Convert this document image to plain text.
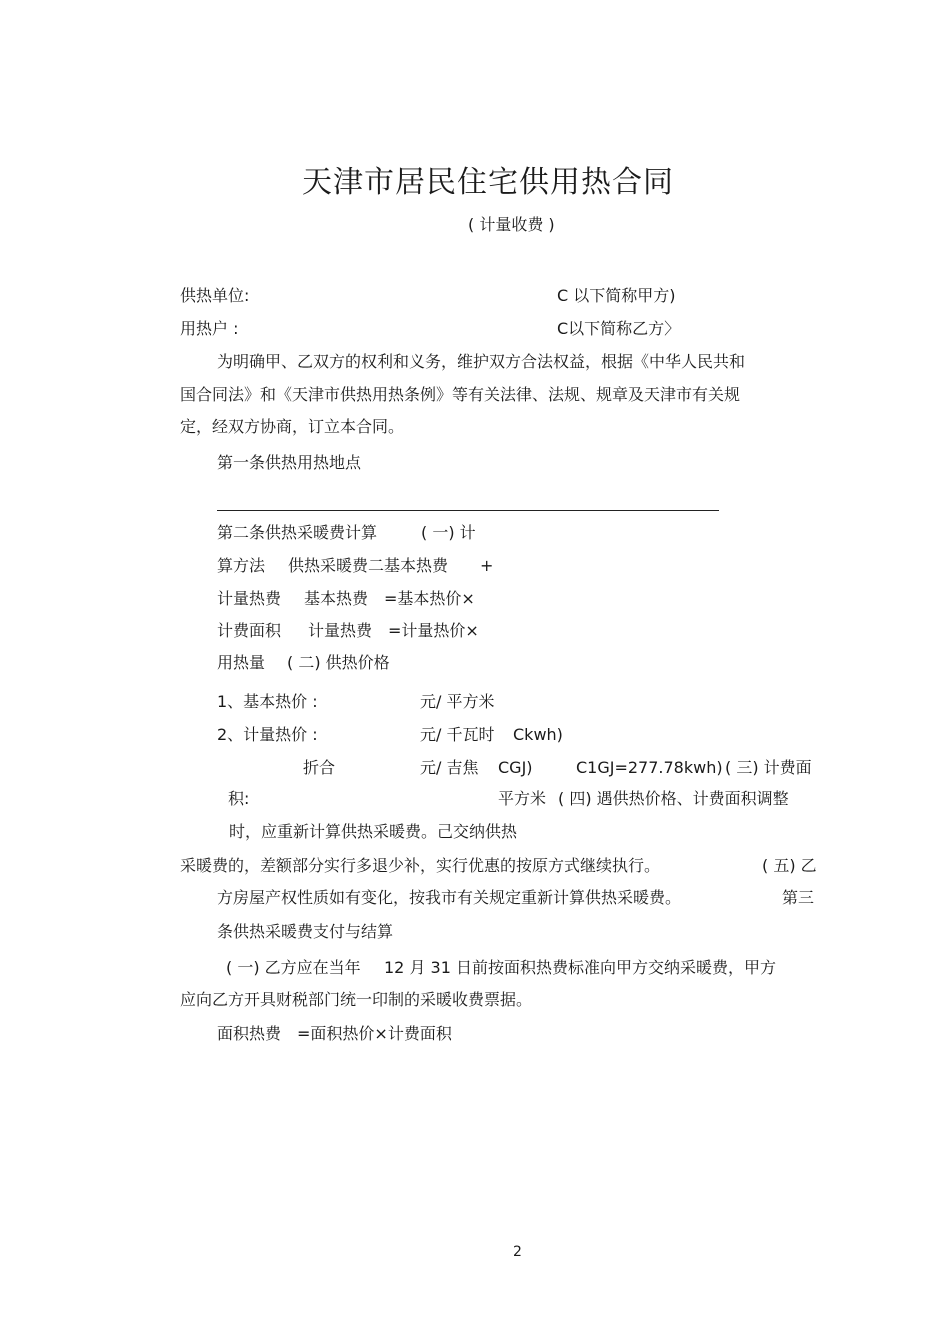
天津市居民住宅供用热合同
( 计量收费 )
供热单位:	C 以下简称甲方)
用热户 :	C以下简称乙方〉
为明确甲、乙双方的权利和义务，维护双方合法权益，根据《中华人民共和
国合同法》和《天津市供热用热条例》等有关法律、法规、规章及天津市有关规
定，经双方协商，订立本合同。
第一条供热用热地点
第二条供热采暖费计算	( 一) 计
算方法 供热采暖费二基本热费 +
计量热费 基本热费 =基本热价×
计费面积 计量热费 =计量热价×
用热量 ( 二) 供热价格
1、基本热价 :	元/ 平方米
2、计量热价 :	元/ 千瓦时 Ckwh)
折合	元/ 吉焦 CGJ)	C1GJ=277.78kwh) ( 三) 计费面
积:	平方米 ( 四) 遇供热价格、计费面积调整
时，应重新计算供热采暖费。己交纳供热
采暖费的，差额部分实行多退少补，实行优惠的按原方式继续执行。	( 五) 乙
方房屋产权性质如有变化，按我市有关规定重新计算供热采暖费。	第三
条供热采暖费支付与结算
( 一) 乙方应在当年 12 月 31 日前按面积热费标准向甲方交纳采暖费，甲方
应向乙方开具财税部门统一印制的采暖收费票据。
面积热费 =面积热价×计费面积
2
